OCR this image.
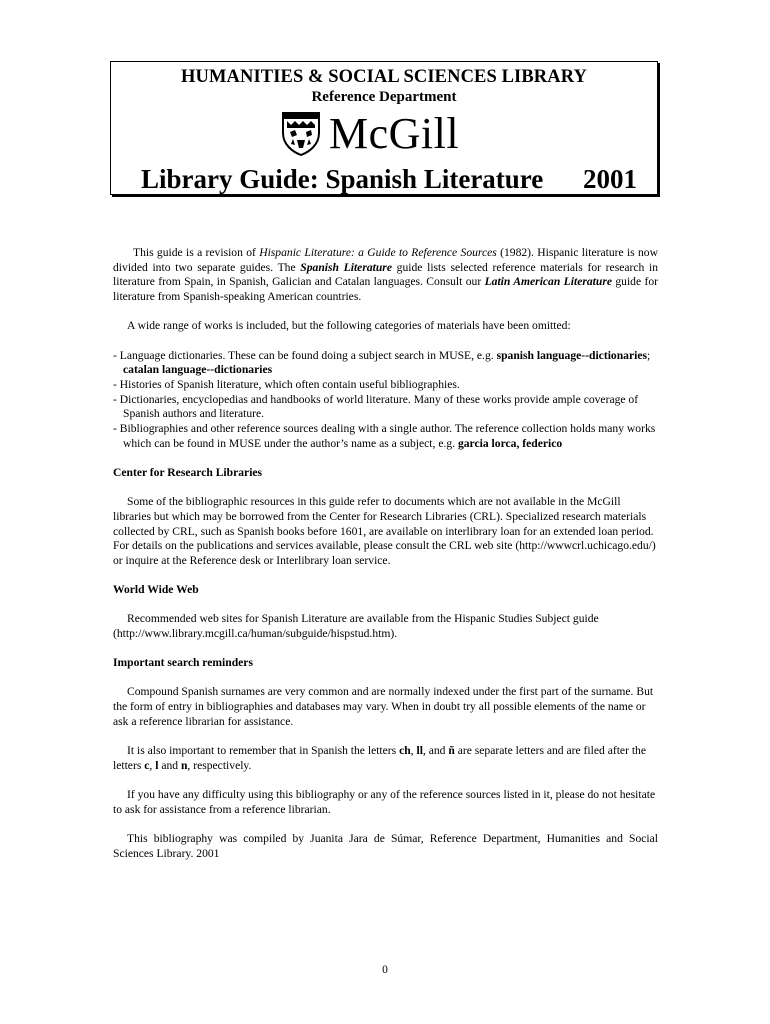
HUMANITIES & SOCIAL SCIENCES LIBRARY
Reference Department
McGill
Library Guide: Spanish Literature 2001

This guide is a revision of Hispanic Literature: a Guide to Reference Sources (1982). Hispanic literature is now divided into two separate guides. The Spanish Literature guide lists selected reference materials for research in literature from Spain, in Spanish, Galician and Catalan languages. Consult our Latin American Literature guide for literature from Spanish-speaking American countries.

A wide range of works is included, but the following categories of materials have been omitted:

- Language dictionaries. These can be found doing a subject search in MUSE, e.g. spanish language--dictionaries; catalan language--dictionaries

- Histories of Spanish literature, which often contain useful bibliographies.

- Dictionaries, encyclopedias and handbooks of world literature. Many of these works provide ample coverage of Spanish authors and literature.

- Bibliographies and other reference sources dealing with a single author. The reference collection holds many works which can be found in MUSE under the author’s name as a subject, e.g. garcia lorca, federico

Center for Research Libraries

Some of the bibliographic resources in this guide refer to documents which are not available in the McGill libraries but which may be borrowed from the Center for Research Libraries (CRL). Specialized research materials collected by CRL, such as Spanish books before 1601, are available on interlibrary loan for an extended loan period. For details on the publications and services available, please consult the CRL web site (http://wwwcrl.uchicago.edu/) or inquire at the Reference desk or Interlibrary loan service.

World Wide Web

Recommended web sites for Spanish Literature are available from the Hispanic Studies Subject guide (http://www.library.mcgill.ca/human/subguide/hispstud.htm).

Important search reminders

Compound Spanish surnames are very common and are normally indexed under the first part of the surname. But the form of entry in bibliographies and databases may vary. When in doubt try all possible elements of the name or ask a reference librarian for assistance.

It is also important to remember that in Spanish the letters ch, ll, and ñ are separate letters and are filed after the letters c, l and n, respectively.

If you have any difficulty using this bibliography or any of the reference sources listed in it, please do not hesitate to ask for assistance from a reference librarian.

This bibliography was compiled by Juanita Jara de Súmar, Reference Department, Humanities and Social Sciences Library. 2001

0
